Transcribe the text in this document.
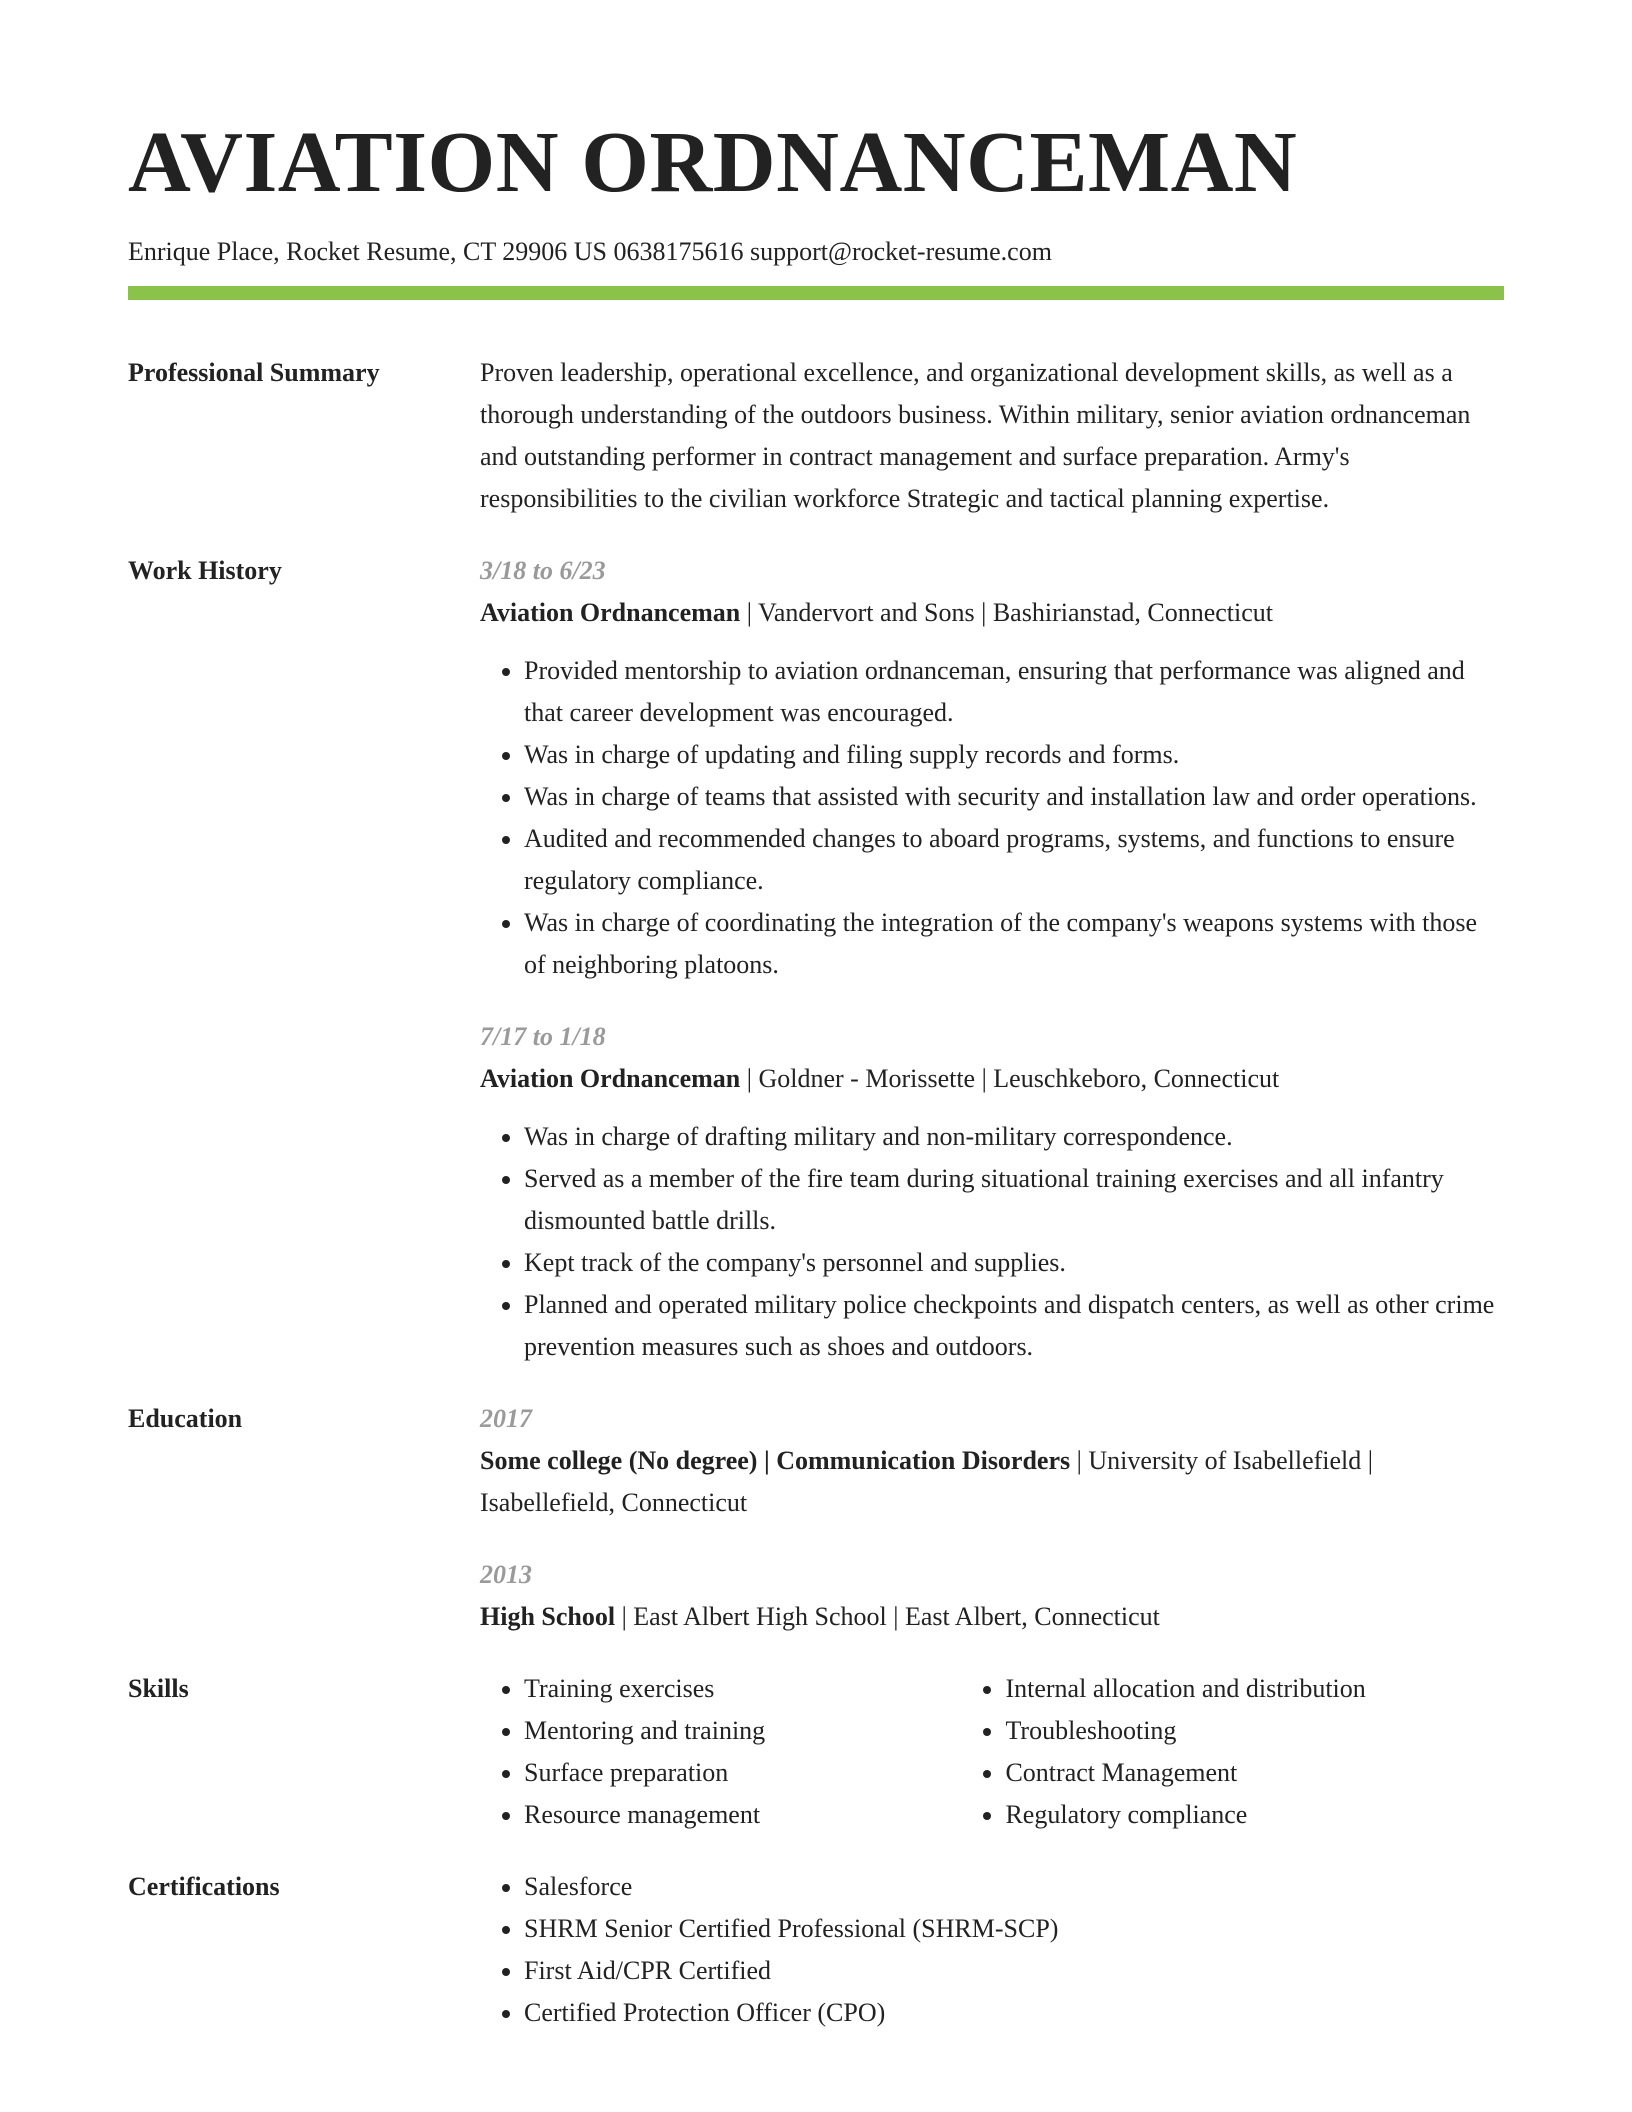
AVIATION ORDNANCEMAN
Enrique Place, Rocket Resume, CT 29906 US 0638175616 support@rocket-resume.com
Professional Summary	Proven leadership, operational excellence, and organizational development skills, as well as a thorough understanding of the outdoors business. Within military, senior aviation ordnanceman and outstanding performer in contract management and surface preparation. Army's responsibilities to the civilian workforce Strategic and tactical planning expertise.

Work History	3/18 to 6/23
Aviation Ordnanceman | Vandervort and Sons | Bashirianstad, Connecticut
• Provided mentorship to aviation ordnanceman, ensuring that performance was aligned and that career development was encouraged.
• Was in charge of updating and filing supply records and forms.
• Was in charge of teams that assisted with security and installation law and order operations.
• Audited and recommended changes to aboard programs, systems, and functions to ensure regulatory compliance.
• Was in charge of coordinating the integration of the company's weapons systems with those of neighboring platoons.
7/17 to 1/18
Aviation Ordnanceman | Goldner - Morissette | Leuschkeboro, Connecticut
• Was in charge of drafting military and non-military correspondence.
• Served as a member of the fire team during situational training exercises and all infantry dismounted battle drills.
• Kept track of the company's personnel and supplies.
• Planned and operated military police checkpoints and dispatch centers, as well as other crime prevention measures such as shoes and outdoors.
Education	2017
Some college (No degree) | Communication Disorders | University of Isabellefield | Isabellefield, Connecticut
2013
High School | East Albert High School | East Albert, Connecticut
Skills	• Training exercises
• Mentoring and training
• Surface preparation
• Resource management
• Internal allocation and distribution
• Troubleshooting
• Contract Management
• Regulatory compliance
Certifications	• Salesforce
• SHRM Senior Certified Professional (SHRM-SCP)
• First Aid/CPR Certified
• Certified Protection Officer (CPO)
